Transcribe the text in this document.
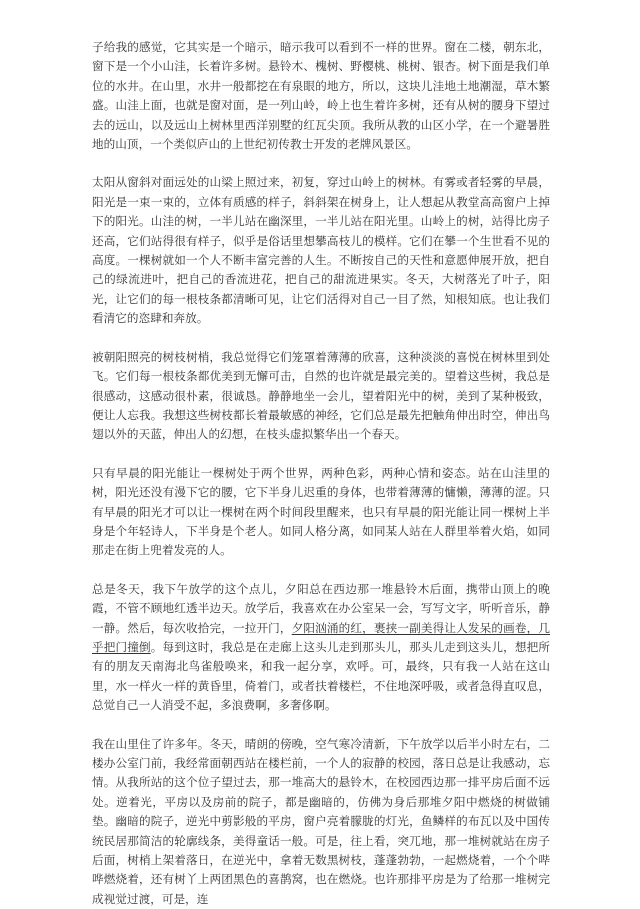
子给我的感觉，它其实是一个暗示，暗示我可以看到不一样的世界。窗在二楼，朝东北，窗下是一个小山洼，长着许多树。悬铃木、槐树、野樱桃、桃树、银杏。树下面是我们单位的水井。在山里，水井一般都挖在有泉眼的地方，所以，这块儿洼地土地潮湿，草木繁盛。山洼上面，也就是窗对面，是一列山岭，岭上也生着许多树，还有从树的腰身下望过去的远山，以及远山上树林里西洋别墅的红瓦尖顶。我所从教的山区小学，在一个避暑胜地的山顶，一个类似庐山的上世纪初传教士开发的老牌风景区。

太阳从窗斜对面远处的山梁上照过来，初复，穿过山岭上的树林。有雾或者轻雾的早晨，阳光是一束一束的，立体有质感的样子，斜斜架在树身上，让人想起从教堂高高窗户上掉下的阳光。山洼的树，一半儿站在幽深里，一半儿站在阳光里。山岭上的树，站得比房子还高，它们站得很有样子，似乎是俗话里想攀高枝儿的模样。它们在攀一个生世看不见的高度。一棵树就如一个人不断丰富完善的人生。不断按自己的天性和意愿伸展开放，把自己的绿流进叶，把自己的香流进花，把自己的甜流进果实。冬天，大树落光了叶子，阳光，让它们的每一根枝条都清晰可见，让它们活得对自己一目了然，知根知底。也让我们看清它的恣肆和奔放。

被朝阳照亮的树枝树梢，我总觉得它们笼罩着薄薄的欣喜，这种淡淡的喜悦在树林里到处飞。它们每一根枝条都优美到无懈可击，自然的也许就是最完美的。望着这些树，我总是很感动，这感动很朴素，很诚恳。静静地坐一会儿，望着阳光中的树，美到了某种极致，便让人忘我。我想这些树枝都长着最敏感的神经，它们总是最先把触角伸出时空，伸出鸟翅以外的天蓝，伸出人的幻想，在枝头虚拟繁华出一个春天。

只有早晨的阳光能让一棵树处于两个世界，两种色彩，两种心情和姿态。站在山洼里的树，阳光还没有漫下它的腰，它下半身儿迟重的身体，也带着薄薄的慵懒，薄薄的涩。只有早晨的阳光才可以让一棵树在两个时间段里醒来，也只有早晨的阳光能让同一棵树上半身是个年轻诗人，下半身是个老人。如同人格分离，如同某人站在人群里举着火焰，如同那走在街上兜着发亮的人。

总是冬天，我下午放学的这个点儿，夕阳总在西边那一堆悬铃木后面，携带山顶上的晚霞，不管不顾地红透半边天。放学后，我喜欢在办公室呆一会，写写文字，听听音乐，静一静。然后，每次收拾完，一拉开门，夕阳汹涌的红，裹挟一副美得让人发呆的画卷，几乎把门撞倒。每到这时，我总是在走廊上这头儿走到那头儿，那头儿走到这头儿，想把所有的朋友天南海北鸟雀般唤来，和我一起分享，欢呼。可，最终，只有我一人站在这山里，水一样火一样的黄昏里，倚着门，或者扶着楼栏，不住地深呼吸，或者急得直叹息，总觉自己一人消受不起，多浪费啊，多奢侈啊。

我在山里住了许多年。冬天，晴朗的傍晚，空气寒冷清新，下午放学以后半小时左右，二楼办公室门前，我经常面朝西站在楼栏前，一个人的寂静的校园，落日总是让我感动，忘情。从我所站的这个位子望过去，那一堆高大的悬铃木，在校园西边那一排平房后面不远处。逆着光，平房以及房前的院子，都是幽暗的，仿佛为身后那堆夕阳中燃烧的树做铺垫。幽暗的院子，逆光中剪影般的平房，窗户亮着朦胧的灯光，鱼鳞样的布瓦以及中国传统民居那简洁的轮廓线条，美得童话一般。可是，往上看，突兀地，那一堆树就站在房子后面，树梢上架着落日，在逆光中，拿着无数黑树枝，蓬蓬勃勃，一起燃烧着，一个个哔哗燃烧着，还有树丫上两团黑色的喜鹊窝，也在燃烧。也许那排平房是为了给那一堆树完成视觉过渡，可是，连
